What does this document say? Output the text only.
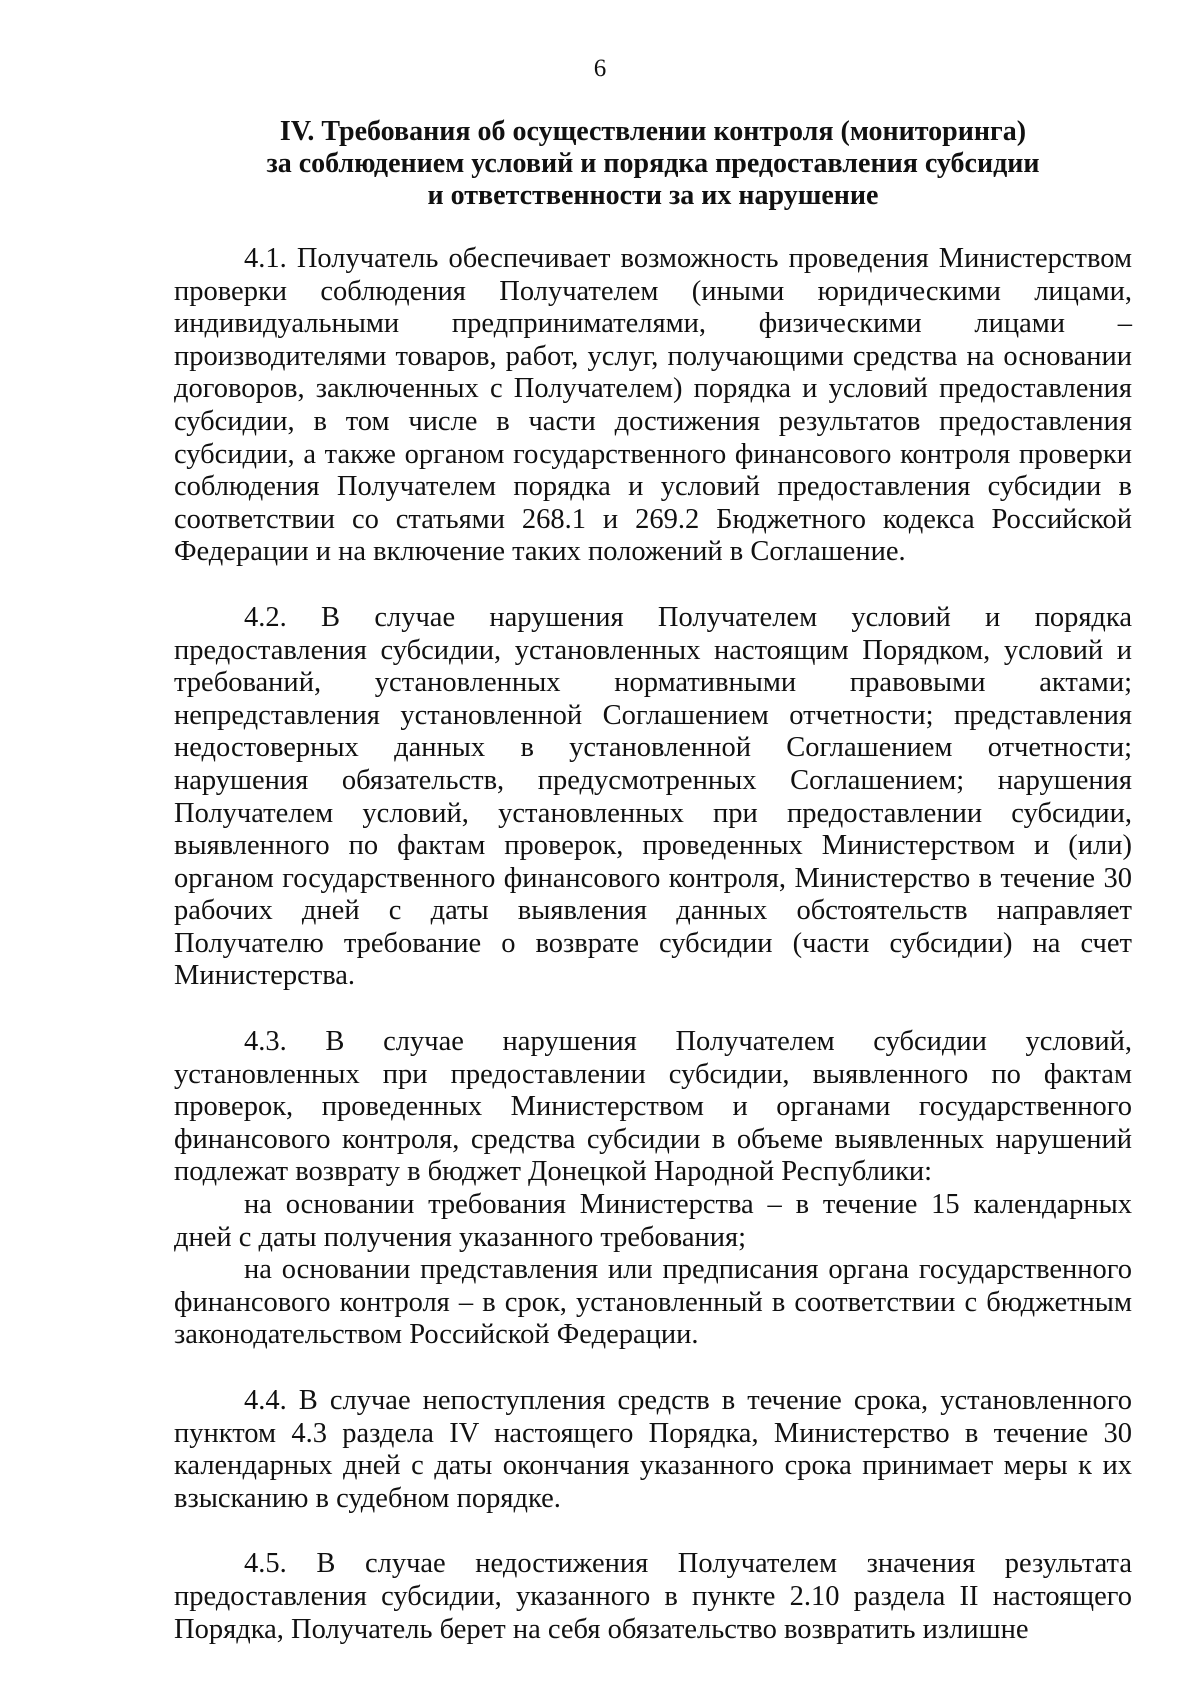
6
IV. Требования об осуществлении контроля (мониторинга)
за соблюдением условий и порядка предоставления субсидии
и ответственности за их нарушение

4.1. Получатель обеспечивает возможность проведения Министерством проверки соблюдения Получателем (иными юридическими лицами, индивидуальными предпринимателями, физическими лицами – производителями товаров, работ, услуг, получающими средства на основании договоров, заключенных с Получателем) порядка и условий предоставления субсидии, в том числе в части достижения результатов предоставления субсидии, а также органом государственного финансового контроля проверки соблюдения Получателем порядка и условий предоставления субсидии в соответствии со статьями 268.1 и 269.2 Бюджетного кодекса Российской Федерации и на включение таких положений в Соглашение.

4.2. В случае нарушения Получателем условий и порядка предоставления субсидии, установленных настоящим Порядком, условий и требований, установленных нормативными правовыми актами; непредставления установленной Соглашением отчетности; представления недостоверных данных в установленной Соглашением отчетности; нарушения обязательств, предусмотренных Соглашением; нарушения Получателем условий, установленных при предоставлении субсидии, выявленного по фактам проверок, проведенных Министерством и (или) органом государственного финансового контроля, Министерство в течение 30 рабочих дней с даты выявления данных обстоятельств направляет Получателю требование о возврате субсидии (части субсидии) на счет Министерства.

4.3. В случае нарушения Получателем субсидии условий, установленных при предоставлении субсидии, выявленного по фактам проверок, проведенных Министерством и органами государственного финансового контроля, средства субсидии в объеме выявленных нарушений подлежат возврату в бюджет Донецкой Народной Республики:

на основании требования Министерства – в течение 15 календарных дней с даты получения указанного требования;

на основании представления или предписания органа государственного финансового контроля – в срок, установленный в соответствии с бюджетным законодательством Российской Федерации.

4.4. В случае непоступления средств в течение срока, установленного пунктом 4.3 раздела IV настоящего Порядка, Министерство в течение 30 календарных дней с даты окончания указанного срока принимает меры к их взысканию в судебном порядке.

4.5. В случае недостижения Получателем значения результата предоставления субсидии, указанного в пункте 2.10 раздела II настоящего Порядка, Получатель берет на себя обязательство возвратить излишне
